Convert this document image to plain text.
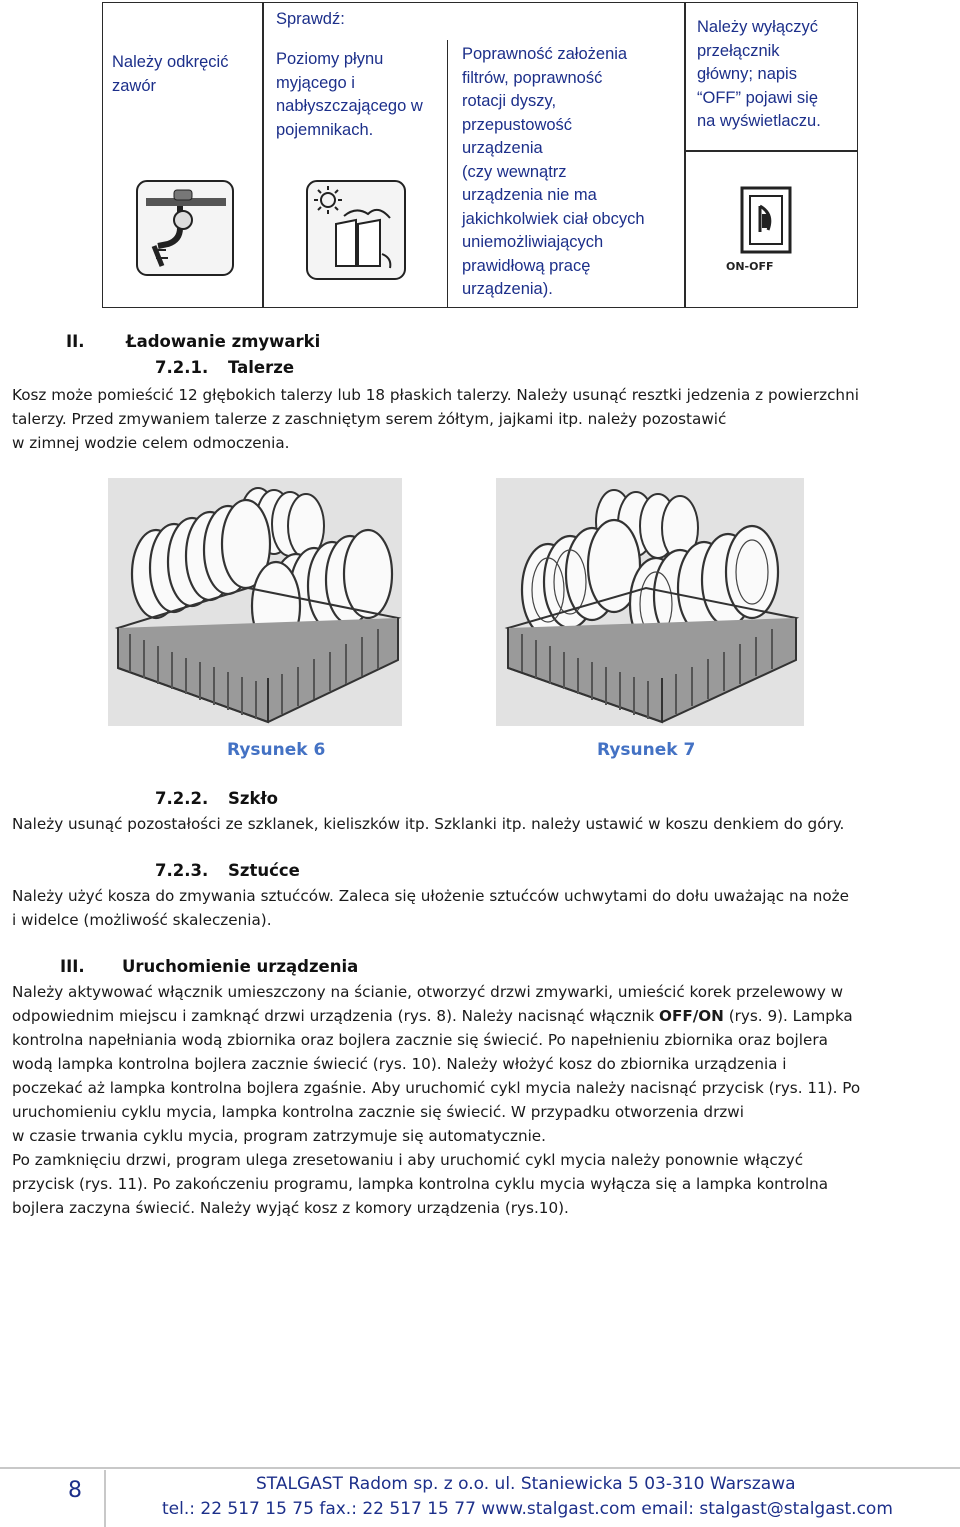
Należy odkręcić zawór
Sprawdź:
Poziomy płynu myjącego i nabłyszczającego w pojemnikach.
Poprawność założenia
filtrów, poprawność
rotacji dyszy,
przepustowość
urządzenia
(czy wewnątrz
urządzenia nie ma
jakichkolwiek ciał obcych
uniemożliwiających
prawidłową pracę
urządzenia).
Należy wyłączyć
przełącznik
główny; napis
“OFF” pojawi się
na wyświetlaczu.
ON-OFF
II.	Ładowanie zmywarki
7.2.1. Talerze
Kosz może pomieścić 12 głębokich talerzy lub 18 płaskich talerzy. Należy usunąć resztki jedzenia z powierzchni
talerzy. Przed zmywaniem talerze z zaschniętym serem żółtym, jajkami itp. należy pozostawić
w zimnej wodzie celem odmoczenia.
Rysunek 6	Rysunek 7
7.2.2. Szkło
Należy usunąć pozostałości ze szklanek, kieliszków itp. Szklanki itp. należy ustawić w koszu denkiem do góry.
7.2.3. Sztućce
Należy użyć kosza do zmywania sztućców. Zaleca się ułożenie sztućców uchwytami do dołu uważając na noże
i widelce (możliwość skaleczenia).
III. Uruchomienie urządzenia
Należy aktywować włącznik umieszczony na ścianie, otworzyć drzwi zmywarki, umieścić korek przelewowy w
odpowiednim miejscu i zamknąć drzwi urządzenia (rys. 8). Należy nacisnąć włącznik OFF/ON (rys. 9). Lampka
kontrolna napełniania wodą zbiornika oraz bojlera zacznie się świecić. Po napełnieniu zbiornika oraz bojlera
wodą lampka kontrolna bojlera zacznie świecić (rys. 10). Należy włożyć kosz do zbiornika urządzenia i
poczekać aż lampka kontrolna bojlera zgaśnie. Aby uruchomić cykl mycia należy nacisnąć przycisk (rys. 11). Po
uruchomieniu cyklu mycia, lampka kontrolna zacznie się świecić. W przypadku otworzenia drzwi
w czasie trwania cyklu mycia, program zatrzymuje się automatycznie.
Po zamknięciu drzwi, program ulega zresetowaniu i aby uruchomić cykl mycia należy ponownie włączyć
przycisk (rys. 11). Po zakończeniu programu, lampka kontrolna cyklu mycia wyłącza się a lampka kontrolna
bojlera zaczyna świecić. Należy wyjąć kosz z komory urządzenia (rys.10).
8	STALGAST Radom sp. z o.o. ul. Staniewicka 5 03-310 Warszawa
tel.: 22 517 15 75 fax.: 22 517 15 77 www.stalgast.com email: stalgast@stalgast.com
